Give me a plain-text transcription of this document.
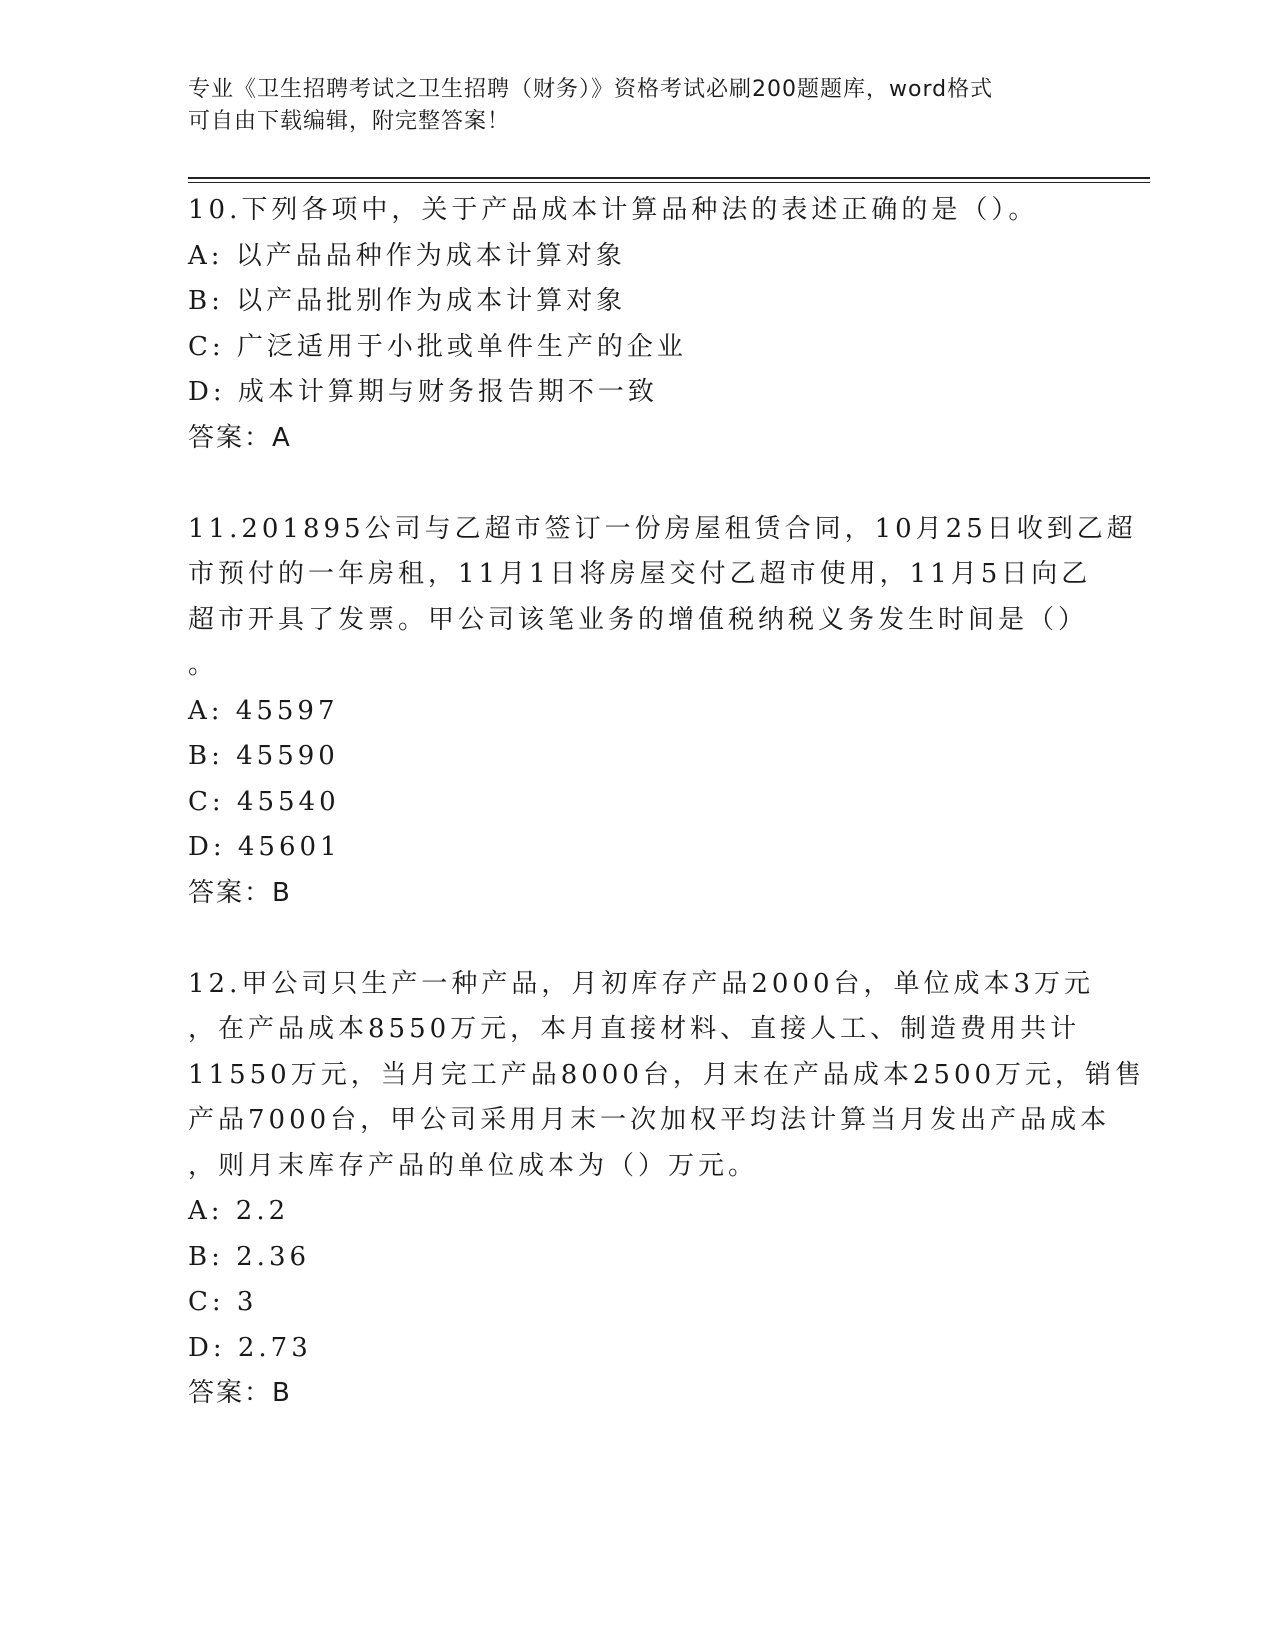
专业《卫生招聘考试之卫生招聘（财务）》资格考试必刷200题题库，word格式

可自由下载编辑，附完整答案！

10.下列各项中，关于产品成本计算品种法的表述正确的是（）。

A: 以产品品种作为成本计算对象

B: 以产品批别作为成本计算对象

C: 广泛适用于小批或单件生产的企业

D: 成本计算期与财务报告期不一致

答案：A

11.201895公司与乙超市签订一份房屋租赁合同，10月25日收到乙超

市预付的一年房租，11月1日将房屋交付乙超市使用，11月5日向乙

超市开具了发票。甲公司该笔业务的增值税纳税义务发生时间是（）

。

A: 45597

B: 45590

C: 45540

D: 45601

答案：B

12.甲公司只生产一种产品，月初库存产品2000台，单位成本3万元

，在产品成本8550万元，本月直接材料、直接人工、制造费用共计

11550万元，当月完工产品8000台，月末在产品成本2500万元，销售

产品7000台，甲公司采用月末一次加权平均法计算当月发出产品成本

，则月末库存产品的单位成本为（）万元。

A: 2.2

B: 2.36

C: 3

D: 2.73

答案：B
